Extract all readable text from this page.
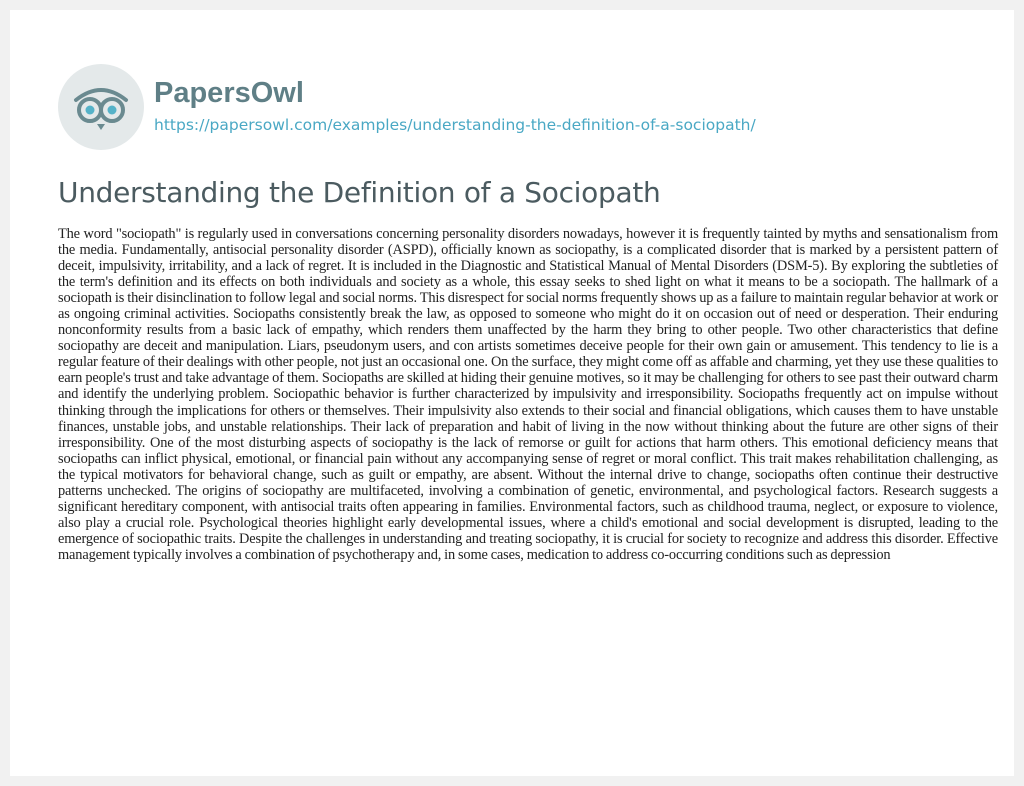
PapersOwl
https://papersowl.com/examples/understanding-the-definition-of-a-sociopath/
Understanding the Definition of a Sociopath

The word "sociopath" is regularly used in conversations concerning personality disorders nowadays, however it is frequently tainted by myths and sensationalism from the media. Fundamentally, antisocial personality disorder (ASPD), officially known as sociopathy, is a complicated disorder that is marked by a persistent pattern of deceit, impulsivity, irritability, and a lack of regret. It is included in the Diagnostic and Statistical Manual of Mental Disorders (DSM-5). By exploring the subtleties of the term's definition and its effects on both individuals and society as a whole, this essay seeks to shed light on what it means to be a sociopath. The hallmark of a sociopath is their disinclination to follow legal and social norms. This disrespect for social norms frequently shows up as a failure to maintain regular behavior at work or as ongoing criminal activities. Sociopaths consistently break the law, as opposed to someone who might do it on occasion out of need or desperation. Their enduring nonconformity results from a basic lack of empathy, which renders them unaffected by the harm they bring to other people. Two other characteristics that define sociopathy are deceit and manipulation. Liars, pseudonym users, and con artists sometimes deceive people for their own gain or amusement. This tendency to lie is a regular feature of their dealings with other people, not just an occasional one. On the surface, they might come off as affable and charming, yet they use these qualities to earn people's trust and take advantage of them. Sociopaths are skilled at hiding their genuine motives, so it may be challenging for others to see past their outward charm and identify the underlying problem. Sociopathic behavior is further characterized by impulsivity and irresponsibility. Sociopaths frequently act on impulse without thinking through the implications for others or themselves. Their impulsivity also extends to their social and financial obligations, which causes them to have unstable finances, unstable jobs, and unstable relationships. Their lack of preparation and habit of living in the now without thinking about the future are other signs of their irresponsibility. One of the most disturbing aspects of sociopathy is the lack of remorse or guilt for actions that harm others. This emotional deficiency means that sociopaths can inflict physical, emotional, or financial pain without any accompanying sense of regret or moral conflict. This trait makes rehabilitation challenging, as the typical motivators for behavioral change, such as guilt or empathy, are absent. Without the internal drive to change, sociopaths often continue their destructive patterns unchecked. The origins of sociopathy are multifaceted, involving a combination of genetic, environmental, and psychological factors. Research suggests a significant hereditary component, with antisocial traits often appearing in families. Environmental factors, such as childhood trauma, neglect, or exposure to violence, also play a crucial role. Psychological theories highlight early developmental issues, where a child's emotional and social development is disrupted, leading to the emergence of sociopathic traits. Despite the challenges in understanding and treating sociopathy, it is crucial for society to recognize and address this disorder. Effective management typically involves a combination of psychotherapy and, in some cases, medication to address co-occurring conditions such as depression
